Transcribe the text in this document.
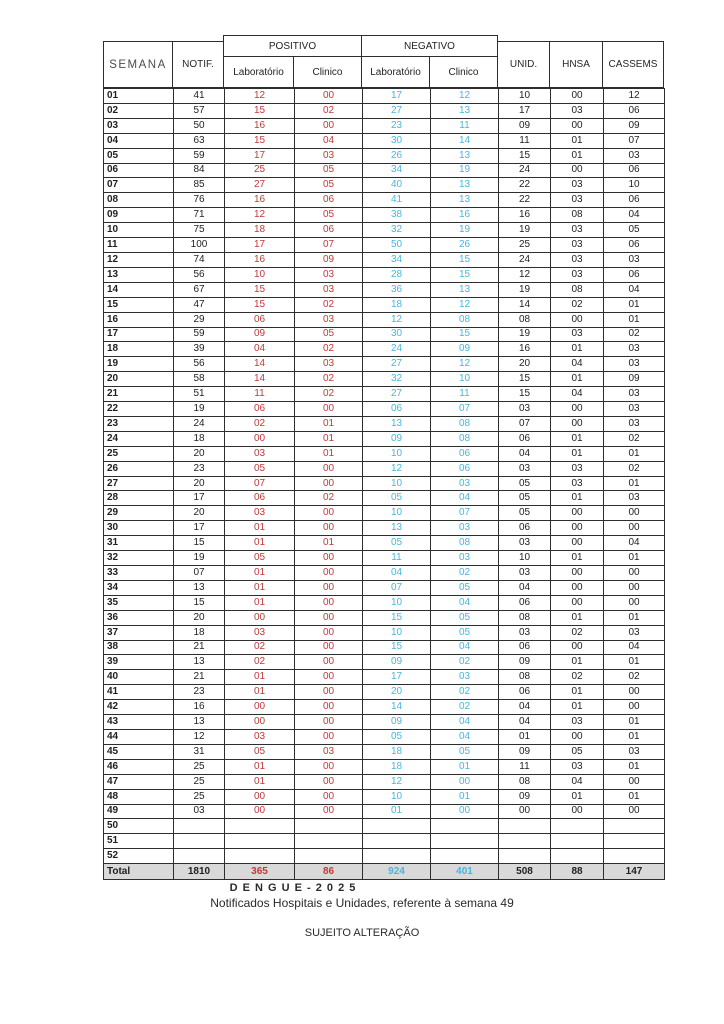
SEMANA	NOTIF.
POSITIVO
Laboratório	Clinico
NEGATIVO
Laboratório	Clinico
UNID.	HNSA	CASSEMS
01	41	12	00	17	12	10	00	12
02	57	15	02	27	13	17	03	06
03	50	16	00	23	11	09	00	09
04	63	15	04	30	14	11	01	07
05	59	17	03	26	13	15	01	03
06	84	25	05	34	19	24	00	06
07	85	27	05	40	13	22	03	10
08	76	16	06	41	13	22	03	06
09	71	12	05	38	16	16	08	04
10	75	18	06	32	19	19	03	05
11	100	17	07	50	26	25	03	06
12	74	16	09	34	15	24	03	03
13	56	10	03	28	15	12	03	06
14	67	15	03	36	13	19	08	04
15	47	15	02	18	12	14	02	01
16	29	06	03	12	08	08	00	01
17	59	09	05	30	15	19	03	02
18	39	04	02	24	09	16	01	03
19	56	14	03	27	12	20	04	03
20	58	14	02	32	10	15	01	09
21	51	11	02	27	11	15	04	03
22	19	06	00	06	07	03	00	03
23	24	02	01	13	08	07	00	03
24	18	00	01	09	08	06	01	02
25	20	03	01	10	06	04	01	01
26	23	05	00	12	06	03	03	02
27	20	07	00	10	03	05	03	01
28	17	06	02	05	04	05	01	03
29	20	03	00	10	07	05	00	00
30	17	01	00	13	03	06	00	00
31	15	01	01	05	08	03	00	04
32	19	05	00	11	03	10	01	01
33	07	01	00	04	02	03	00	00
34	13	01	00	07	05	04	00	00
35	15	01	00	10	04	06	00	00
36	20	00	00	15	05	08	01	01
37	18	03	00	10	05	03	02	03
38	21	02	00	15	04	06	00	04
39	13	02	00	09	02	09	01	01
40	21	01	00	17	03	08	02	02
41	23	01	00	20	02	06	01	00
42	16	00	00	14	02	04	01	00
43	13	00	00	09	04	04	03	01
44	12	03	00	05	04	01	00	01
45	31	05	03	18	05	09	05	03
46	25	01	00	18	01	11	03	01
47	25	01	00	12	00	08	04	00
48	25	00	00	10	01	09	01	01
49	03	00	00	01	00	00	00	00
50								
51								
52								
Total	1810	365	86	924	401	508	88	147
D E N G U E - 2 0 2 5
Notificados Hospitais e Unidades, referente à semana 49
SUJEITO ALTERAÇÃO
